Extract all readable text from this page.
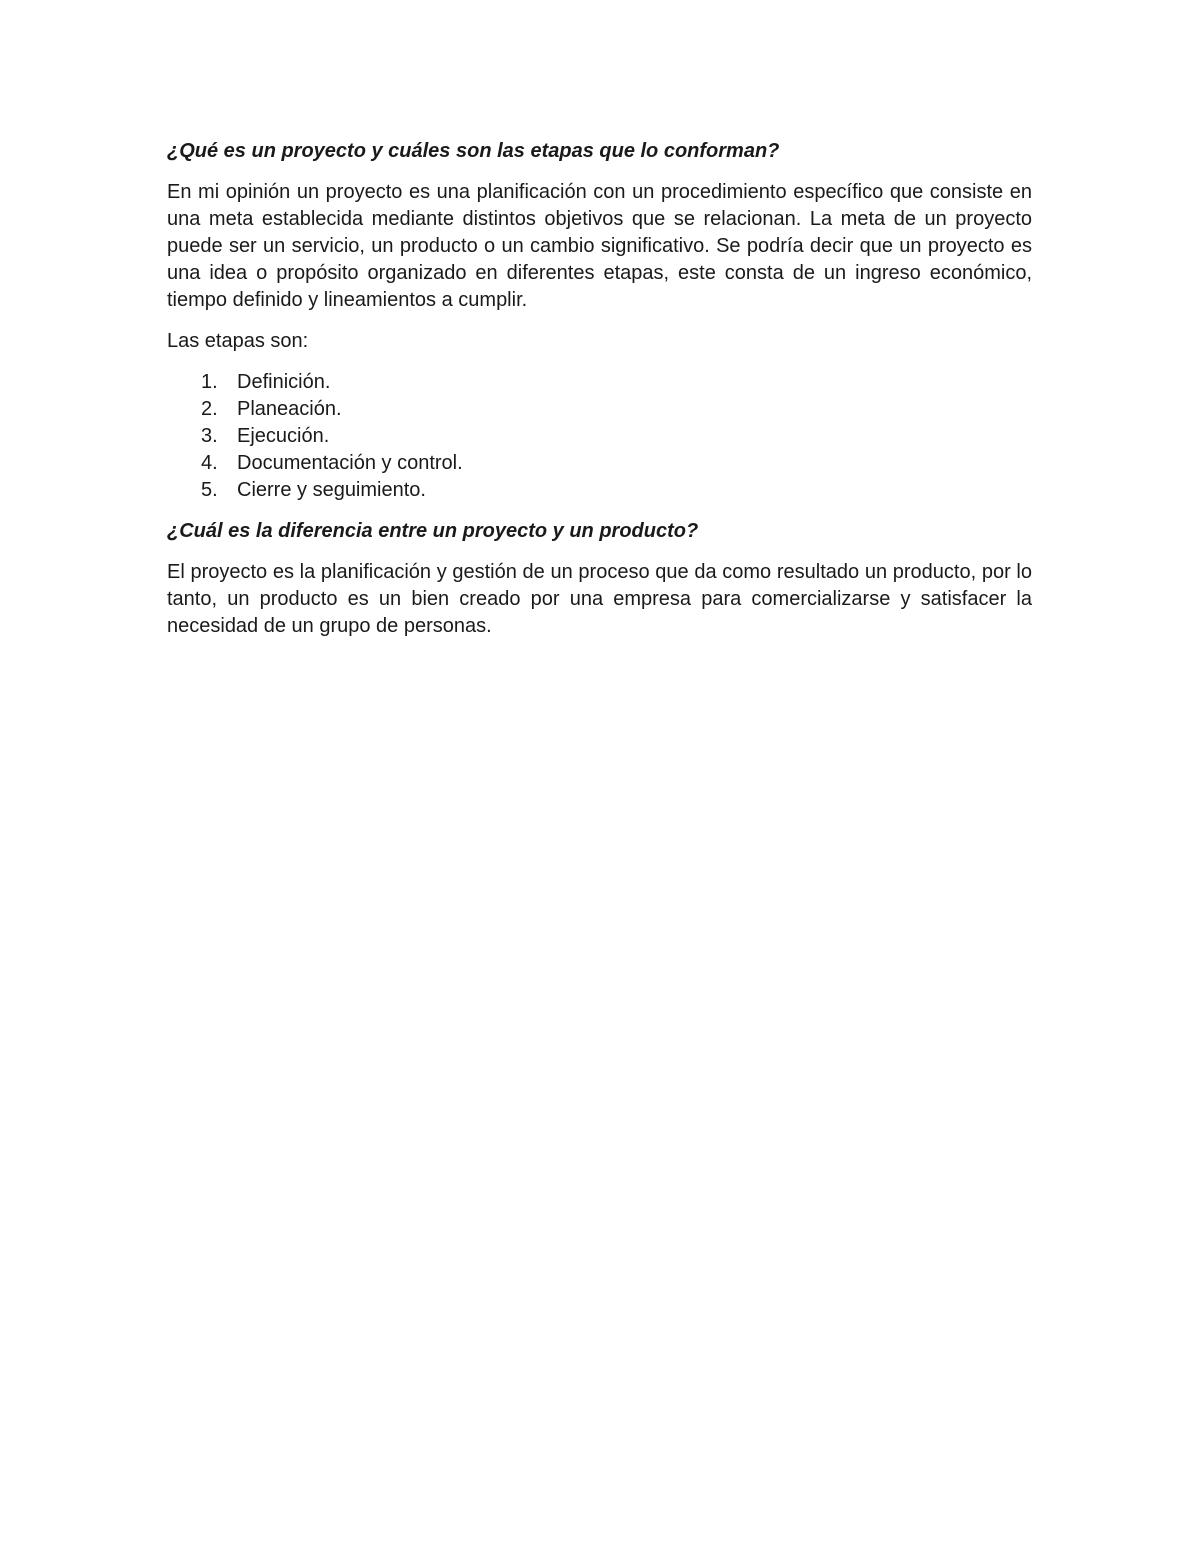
¿Qué es un proyecto y cuáles son las etapas que lo conforman?

En mi opinión un proyecto es una planificación con un procedimiento específico que consiste en una meta establecida mediante distintos objetivos que se relacionan. La meta de un proyecto puede ser un servicio, un producto o un cambio significativo. Se podría decir que un proyecto es una idea o propósito organizado en diferentes etapas, este consta de un ingreso económico, tiempo definido y lineamientos a cumplir.

Las etapas son:

1. Definición.
2. Planeación.
3. Ejecución.
4. Documentación y control.
5. Cierre y seguimiento.

¿Cuál es la diferencia entre un proyecto y un producto?

El proyecto es la planificación y gestión de un proceso que da como resultado un producto, por lo tanto, un producto es un bien creado por una empresa para comercializarse y satisfacer la necesidad de un grupo de personas.
